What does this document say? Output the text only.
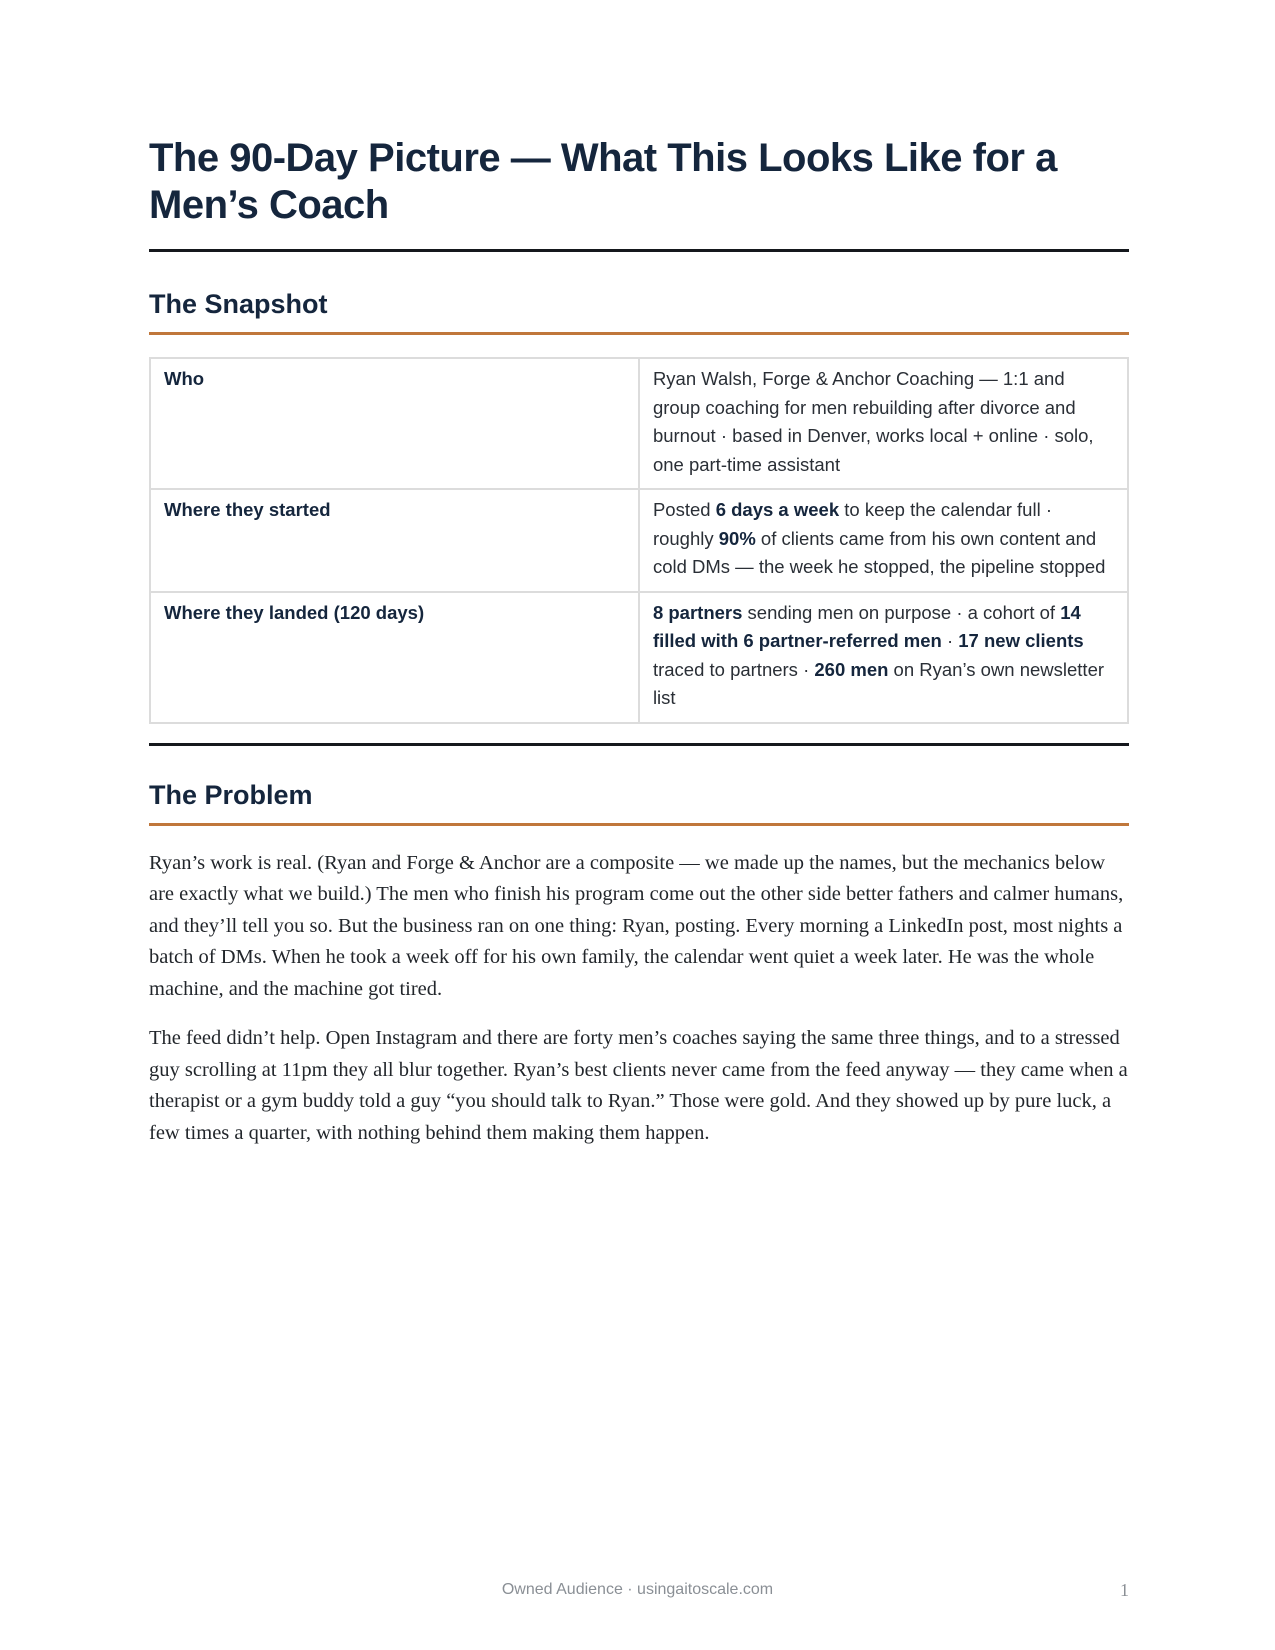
The 90-Day Picture — What This Looks Like for a Men’s Coach
The Snapshot
Who	Ryan Walsh, Forge & Anchor Coaching — 1:1 and group coaching for men rebuilding after divorce and burnout · based in Denver, works local + online · solo, one part-time assistant
Where they started	Posted 6 days a week to keep the calendar full · roughly 90% of clients came from his own content and cold DMs — the week he stopped, the pipeline stopped
Where they landed (120 days)	8 partners sending men on purpose · a cohort of 14 filled with 6 partner-referred men · 17 new clients traced to partners · 260 men on Ryan’s own newsletter list
The Problem

Ryan’s work is real. (Ryan and Forge & Anchor are a composite — we made up the names, but the mechanics below are exactly what we build.) The men who finish his program come out the other side better fathers and calmer humans, and they’ll tell you so. But the business ran on one thing: Ryan, posting. Every morning a LinkedIn post, most nights a batch of DMs. When he took a week off for his own family, the calendar went quiet a week later. He was the whole machine, and the machine got tired.

The feed didn’t help. Open Instagram and there are forty men’s coaches saying the same three things, and to a stressed guy scrolling at 11pm they all blur together. Ryan’s best clients never came from the feed anyway — they came when a therapist or a gym buddy told a guy “you should talk to Ryan.” Those were gold. And they showed up by pure luck, a few times a quarter, with nothing behind them making them happen.

Owned Audience · usingaitoscale.com	1
